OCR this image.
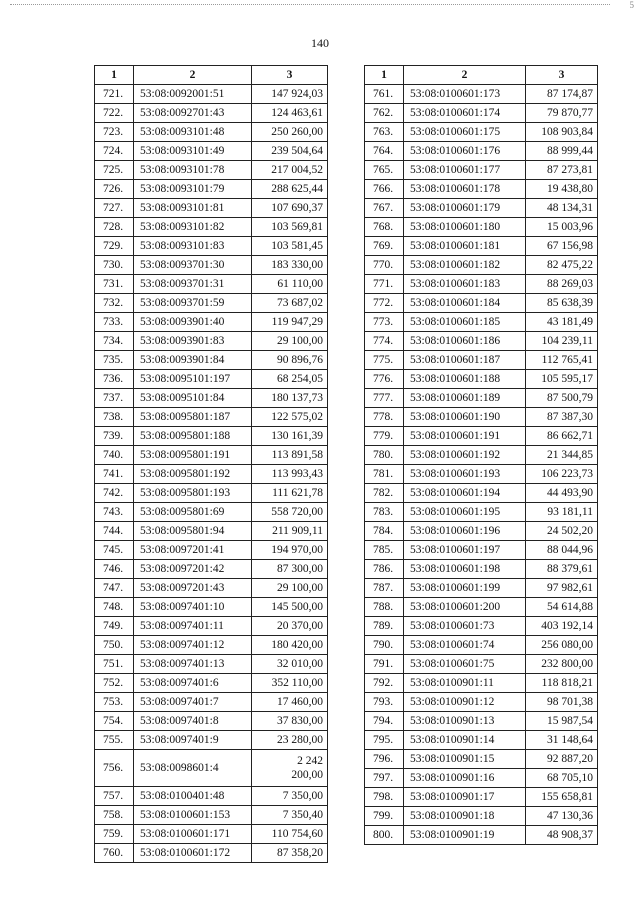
5
140
1	2	3
721.	53:08:0092001:51	147 924,03
722.	53:08:0092701:43	124 463,61
723.	53:08:0093101:48	250 260,00
724.	53:08:0093101:49	239 504,64
725.	53:08:0093101:78	217 004,52
726.	53:08:0093101:79	288 625,44
727.	53:08:0093101:81	107 690,37
728.	53:08:0093101:82	103 569,81
729.	53:08:0093101:83	103 581,45
730.	53:08:0093701:30	183 330,00
731.	53:08:0093701:31	61 110,00
732.	53:08:0093701:59	73 687,02
733.	53:08:0093901:40	119 947,29
734.	53:08:0093901:83	29 100,00
735.	53:08:0093901:84	90 896,76
736.	53:08:0095101:197	68 254,05
737.	53:08:0095101:84	180 137,73
738.	53:08:0095801:187	122 575,02
739.	53:08:0095801:188	130 161,39
740.	53:08:0095801:191	113 891,58
741.	53:08:0095801:192	113 993,43
742.	53:08:0095801:193	111 621,78
743.	53:08:0095801:69	558 720,00
744.	53:08:0095801:94	211 909,11
745.	53:08:0097201:41	194 970,00
746.	53:08:0097201:42	87 300,00
747.	53:08:0097201:43	29 100,00
748.	53:08:0097401:10	145 500,00
749.	53:08:0097401:11	20 370,00
750.	53:08:0097401:12	180 420,00
751.	53:08:0097401:13	32 010,00
752.	53:08:0097401:6	352 110,00
753.	53:08:0097401:7	17 460,00
754.	53:08:0097401:8	37 830,00
755.	53:08:0097401:9	23 280,00
756.	53:08:0098601:4	2 242
200,00
757.	53:08:0100401:48	7 350,00
758.	53:08:0100601:153	7 350,40
759.	53:08:0100601:171	110 754,60
760.	53:08:0100601:172	87 358,20
1	2	3
761.	53:08:0100601:173	87 174,87
762.	53:08:0100601:174	79 870,77
763.	53:08:0100601:175	108 903,84
764.	53:08:0100601:176	88 999,44
765.	53:08:0100601:177	87 273,81
766.	53:08:0100601:178	19 438,80
767.	53:08:0100601:179	48 134,31
768.	53:08:0100601:180	15 003,96
769.	53:08:0100601:181	67 156,98
770.	53:08:0100601:182	82 475,22
771.	53:08:0100601:183	88 269,03
772.	53:08:0100601:184	85 638,39
773.	53:08:0100601:185	43 181,49
774.	53:08:0100601:186	104 239,11
775.	53:08:0100601:187	112 765,41
776.	53:08:0100601:188	105 595,17
777.	53:08:0100601:189	87 500,79
778.	53:08:0100601:190	87 387,30
779.	53:08:0100601:191	86 662,71
780.	53:08:0100601:192	21 344,85
781.	53:08:0100601:193	106 223,73
782.	53:08:0100601:194	44 493,90
783.	53:08:0100601:195	93 181,11
784.	53:08:0100601:196	24 502,20
785.	53:08:0100601:197	88 044,96
786.	53:08:0100601:198	88 379,61
787.	53:08:0100601:199	97 982,61
788.	53:08:0100601:200	54 614,88
789.	53:08:0100601:73	403 192,14
790.	53:08:0100601:74	256 080,00
791.	53:08:0100601:75	232 800,00
792.	53:08:0100901:11	118 818,21
793.	53:08:0100901:12	98 701,38
794.	53:08:0100901:13	15 987,54
795.	53:08:0100901:14	31 148,64
796.	53:08:0100901:15	92 887,20
797.	53:08:0100901:16	68 705,10
798.	53:08:0100901:17	155 658,81
799.	53:08:0100901:18	47 130,36
800.	53:08:0100901:19	48 908,37
